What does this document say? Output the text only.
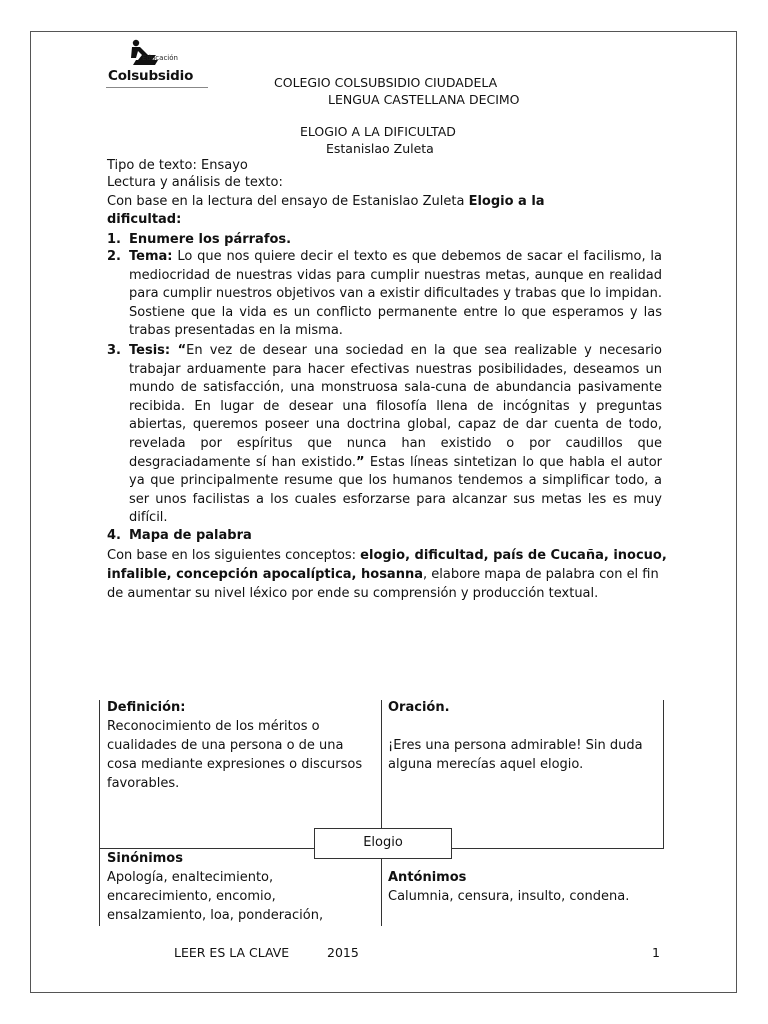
Educación
Colsubsidio	COLEGIO COLSUBSIDIO CIUDADELA
LENGUA CASTELLANA DECIMO
ELOGIO A LA DIFICULTAD
Estanislao Zuleta
Tipo de texto: Ensayo
Lectura y análisis de texto:
Con base en la lectura del ensayo de Estanislao Zuleta Elogio a la
dificultad:
1. Enumere los párrafos.
2. Tema: Lo que nos quiere decir el texto es que debemos de sacar el facilismo, la mediocridad de nuestras vidas para cumplir nuestras metas, aunque en realidad para cumplir nuestros objetivos van a existir dificultades y trabas que lo impidan. Sostiene que la vida es un conflicto permanente entre lo que esperamos y las trabas presentadas en la misma.
3. Tesis: “En vez de desear una sociedad en la que sea realizable y necesario trabajar arduamente para hacer efectivas nuestras posibilidades, deseamos un mundo de satisfacción, una monstruosa sala-cuna de abundancia pasivamente recibida. En lugar de desear una filosofía llena de incógnitas y preguntas abiertas, queremos poseer una doctrina global, capaz de dar cuenta de todo, revelada por espíritus que nunca han existido o por caudillos que desgraciadamente sí han existido.” Estas líneas sintetizan lo que habla el autor ya que principalmente resume que los humanos tendemos a simplificar todo, a ser unos facilistas a los cuales esforzarse para alcanzar sus metas les es muy difícil.
4. Mapa de palabra
Con base en los siguientes conceptos: elogio, dificultad, país de Cucaña, inocuo, infalible, concepción apocalíptica, hosanna, elabore mapa de palabra con el fin de aumentar su nivel léxico por ende su comprensión y producción textual.
Definición:
Reconocimiento de los méritos o cualidades de una persona o de una cosa mediante expresiones o discursos favorables.
Oración.
¡Eres una persona admirable! Sin duda alguna merecías aquel elogio.
Elogio
Sinónimos
Apología, enaltecimiento, encarecimiento, encomio, ensalzamiento, loa, ponderación,
Antónimos
Calumnia, censura, insulto, condena.
LEER ES LA CLAVE	2015	1
